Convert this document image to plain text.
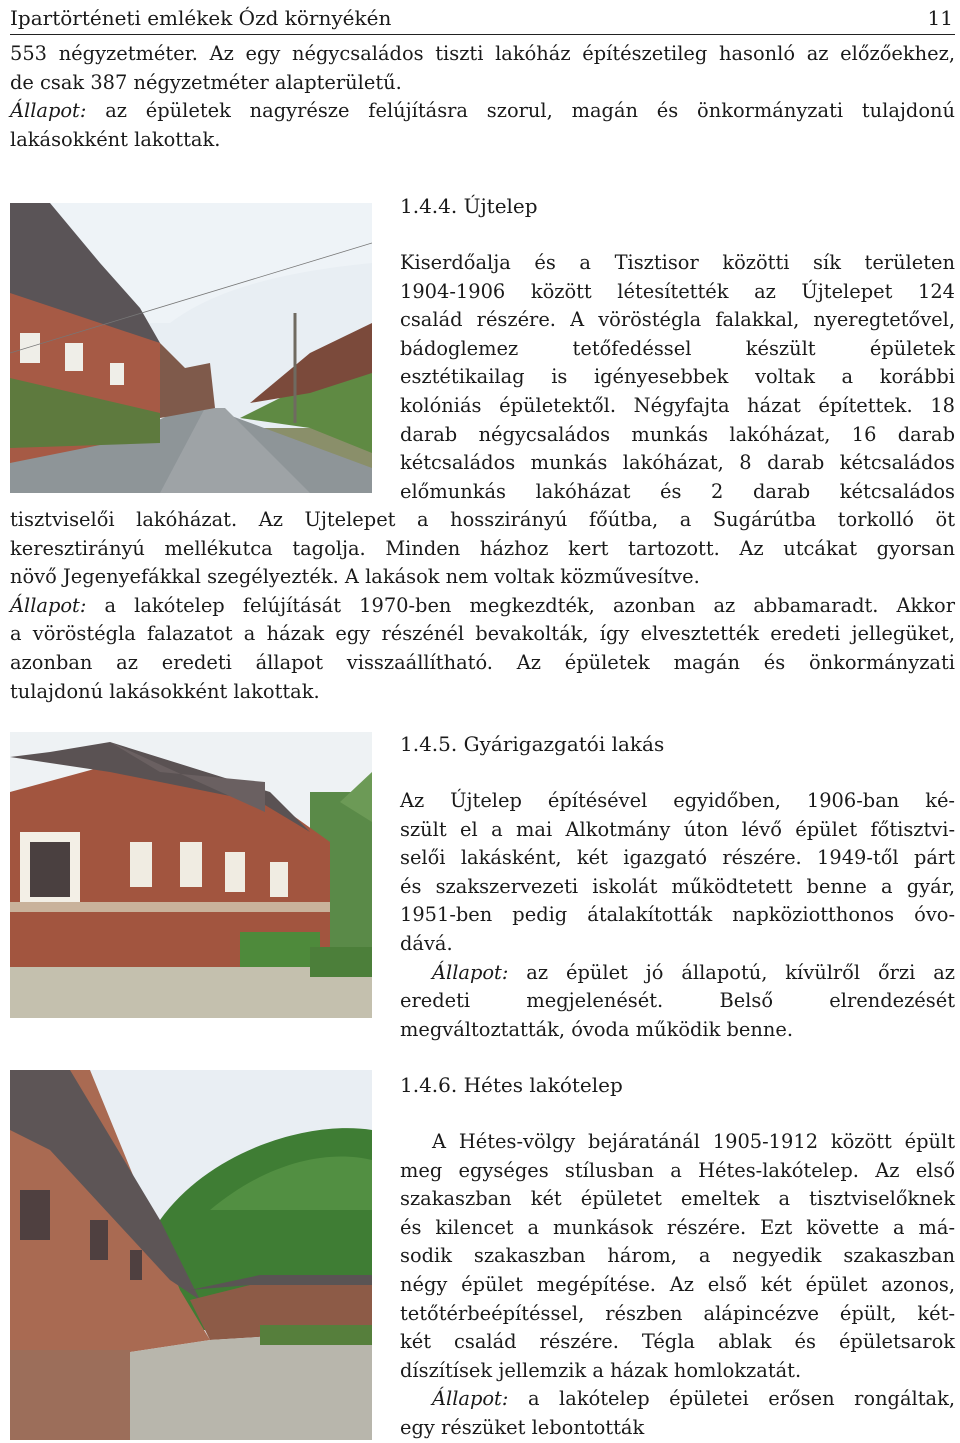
Ipartörténeti emlékek Ózd környékén	11
553 négyzetméter. Az egy négycsaládos tiszti lakóház építészetileg hasonló az előzőekhez,
de csak 387 négyzetméter alapterületű.
Állapot: az épületek nagyrésze felújításra szorul, magán és önkormányzati tulajdonú
lakásokként lakottak.
1.4.4. Újtelep
Kiserdőalja és a Tisztisor közötti sík területen
1904-1906 között létesítették az Újtelepet 124
család részére. A vöröstégla falakkal, nyeregtetővel,
bádoglemez tetőfedéssel készült épületek
esztétikailag is igényesebbek voltak a korábbi
kolóniás épületektől. Négyfajta házat építettek. 18
darab négycsaládos munkás lakóházat, 16 darab
kétcsaládos munkás lakóházat, 8 darab kétcsaládos
előmunkás lakóházat és 2 darab kétcsaládos
tisztviselői lakóházat. Az Ujtelepet a hosszirányú főútba, a Sugárútba torkolló öt
keresztirányú mellékutca tagolja. Minden házhoz kert tartozott. Az utcákat gyorsan
növő Jegenyefákkal szegélyezték. A lakások nem voltak közművesítve.
Állapot: a lakótelep felújítását 1970-ben megkezdték, azonban az abbamaradt. Akkor
a vöröstégla falazatot a házak egy részénél bevakolták, így elvesztették eredeti jellegüket,
azonban az eredeti állapot visszaállítható. Az épületek magán és önkormányzati
tulajdonú lakásokként lakottak.
1.4.5. Gyárigazgatói lakás
Az Újtelep építésével egyidőben, 1906-ban ké-
szült el a mai Alkotmány úton lévő épület főtisztvi-
selői lakásként, két igazgató részére. 1949-től párt
és szakszervezeti iskolát működtetett benne a gyár,
1951-ben pedig átalakították napköziotthonos óvo-
dává.
Állapot: az épület jó állapotú, kívülről őrzi az
eredeti megjelenését. Belső elrendezését
megváltoztatták, óvoda működik benne.
1.4.6. Hétes lakótelep
A Hétes-völgy bejáratánál 1905-1912 között épült
meg egységes stílusban a Hétes-lakótelep. Az első
szakaszban két épületet emeltek a tisztviselőknek
és kilencet a munkások részére. Ezt követte a má-
sodik szakaszban három, a negyedik szakaszban
négy épület megépítése. Az első két épület azonos,
tetőtérbeépítéssel, részben alápincézve épült, két-
két család részére. Tégla ablak és épületsarok
díszítísek jellemzik a házak homlokzatát.
Állapot: a lakótelep épületei erősen rongáltak,
egy részüket lebontották
